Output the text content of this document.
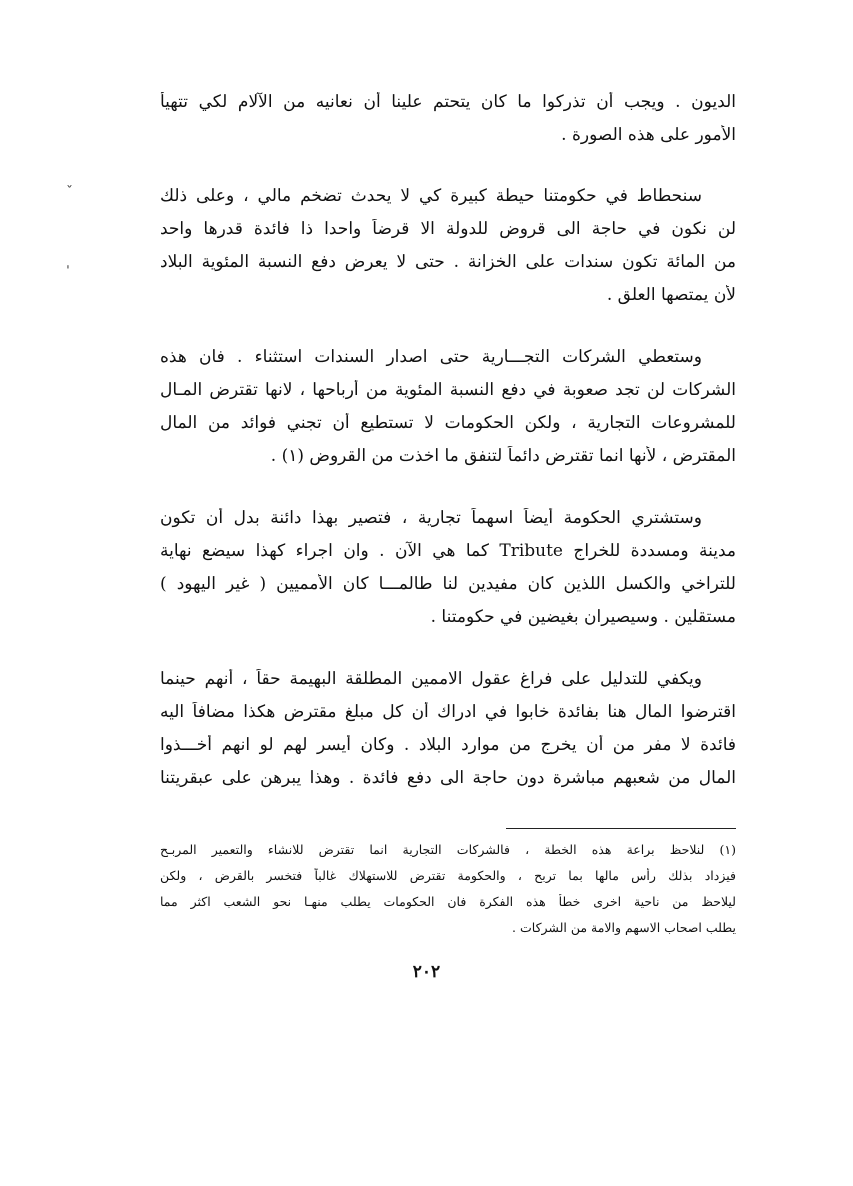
ˇ
ˈ
الديون . ويجب أن تذركوا ما كان يتحتم علينا أن نعانيه من الآلام لكي تتهيأ
الأمور على هذه الصورة .
سنحطاط في حكومتنا حيطة كبيرة كي لا يحدث تضخم مالي ، وعلى ذلك
لن نكون في حاجة الى قروض للدولة الا قرضاً واحدا ذا فائدة قدرها واحد
من المائة تكون سندات على الخزانة . حتى لا يعرض دفع النسبة المئوية البلاد
لأن يمتصها العلق .
وستعطي الشركات التجـــارية حتى اصدار السندات استثناء . فان هذه
الشركات لن تجد صعوبة في دفع النسبة المئوية من أرباحها ، لانها تقترض المـال
للمشروعات التجارية ، ولكن الحكومات لا تستطيع أن تجني فوائد من المال
المقترض ، لأنها انما تقترض دائماً لتنفق ما اخذت من القروض (١) .
وستشتري الحكومة أيضاً اسهماً تجارية ، فتصير بهذا دائنة بدل أن تكون
مدينة ومسددة للخراج Tribute كما هي الآن . وان اجراء كهذا سيضع نهاية
للتراخي والكسل اللذين كان مفيدين لنا طالمـــا كان الأمميين ( غير اليهود )
مستقلين . وسيصيران بغيضين في حكومتنا .
ويكفي للتدليل على فراغ عقول الاممين المطلقة البهيمة حقاً ، أنهم حينما
اقترضوا المال هنا بفائدة خابوا في ادراك أن كل مبلغ مقترض هكذا مضافاً اليه
فائدة لا مفر من أن يخرج من موارد البلاد . وكان أيسر لهم لو انهم أخـــذوا
المال من شعبهم مباشرة دون حاجة الى دفع فائدة . وهذا يبرهن على عبقريتنا
(١) لنلاحظ براعة هذه الخطة ، فالشركات التجارية انما تقترض للانشاء والتعمير المربـح
فيزداد بذلك رأس مالها بما تربح ، والحكومة تقترض للاستهلاك غالباً فتخسر بالقرض ، ولكن
ليلاحظ من ناحية اخرى خطأ هذه الفكرة فان الحكومات يطلب منهـا نحو الشعب اكثر مما
يطلب اصحاب الاسهم والامة من الشركات .
٢٠٢
